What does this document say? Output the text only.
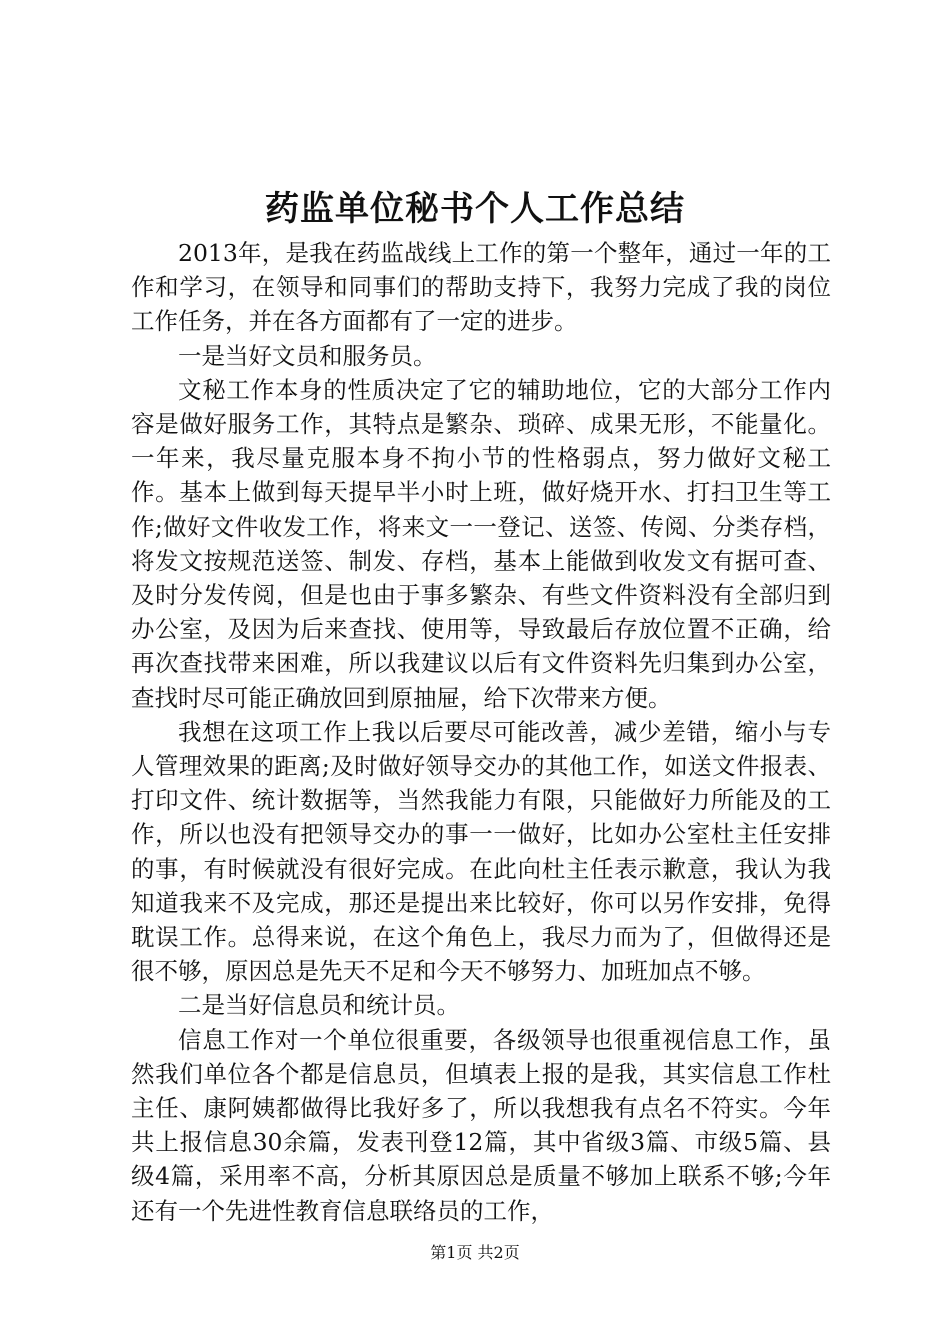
药监单位秘书个人工作总结

2013年，是我在药监战线上工作的第一个整年，通过一年的工作和学习，在领导和同事们的帮助支持下，我努力完成了我的岗位工作任务，并在各方面都有了一定的进步。

一是当好文员和服务员。

文秘工作本身的性质决定了它的辅助地位，它的大部分工作内容是做好服务工作，其特点是繁杂、琐碎、成果无形，不能量化。一年来，我尽量克服本身不拘小节的性格弱点，努力做好文秘工作。基本上做到每天提早半小时上班，做好烧开水、打扫卫生等工作;做好文件收发工作，将来文一一登记、送签、传阅、分类存档，将发文按规范送签、制发、存档，基本上能做到收发文有据可查、及时分发传阅，但是也由于事多繁杂、有些文件资料没有全部归到办公室，及因为后来查找、使用等，导致最后存放位置不正确，给再次查找带来困难，所以我建议以后有文件资料先归集到办公室，查找时尽可能正确放回到原抽屉，给下次带来方便。

我想在这项工作上我以后要尽可能改善，减少差错，缩小与专人管理效果的距离;及时做好领导交办的其他工作，如送文件报表、打印文件、统计数据等，当然我能力有限，只能做好力所能及的工作，所以也没有把领导交办的事一一做好，比如办公室杜主任安排的事，有时候就没有很好完成。在此向杜主任表示歉意，我认为我知道我来不及完成，那还是提出来比较好，你可以另作安排，免得耽误工作。总得来说，在这个角色上，我尽力而为了，但做得还是很不够，原因总是先天不足和今天不够努力、加班加点不够。

二是当好信息员和统计员。

信息工作对一个单位很重要，各级领导也很重视信息工作，虽然我们单位各个都是信息员，但填表上报的是我，其实信息工作杜主任、康阿姨都做得比我好多了，所以我想我有点名不符实。今年共上报信息30余篇，发表刊登12篇，其中省级3篇、市级5篇、县级4篇，采用率不高，分析其原因总是质量不够加上联系不够;今年还有一个先进性教育信息联络员的工作，

第1页 共2页
